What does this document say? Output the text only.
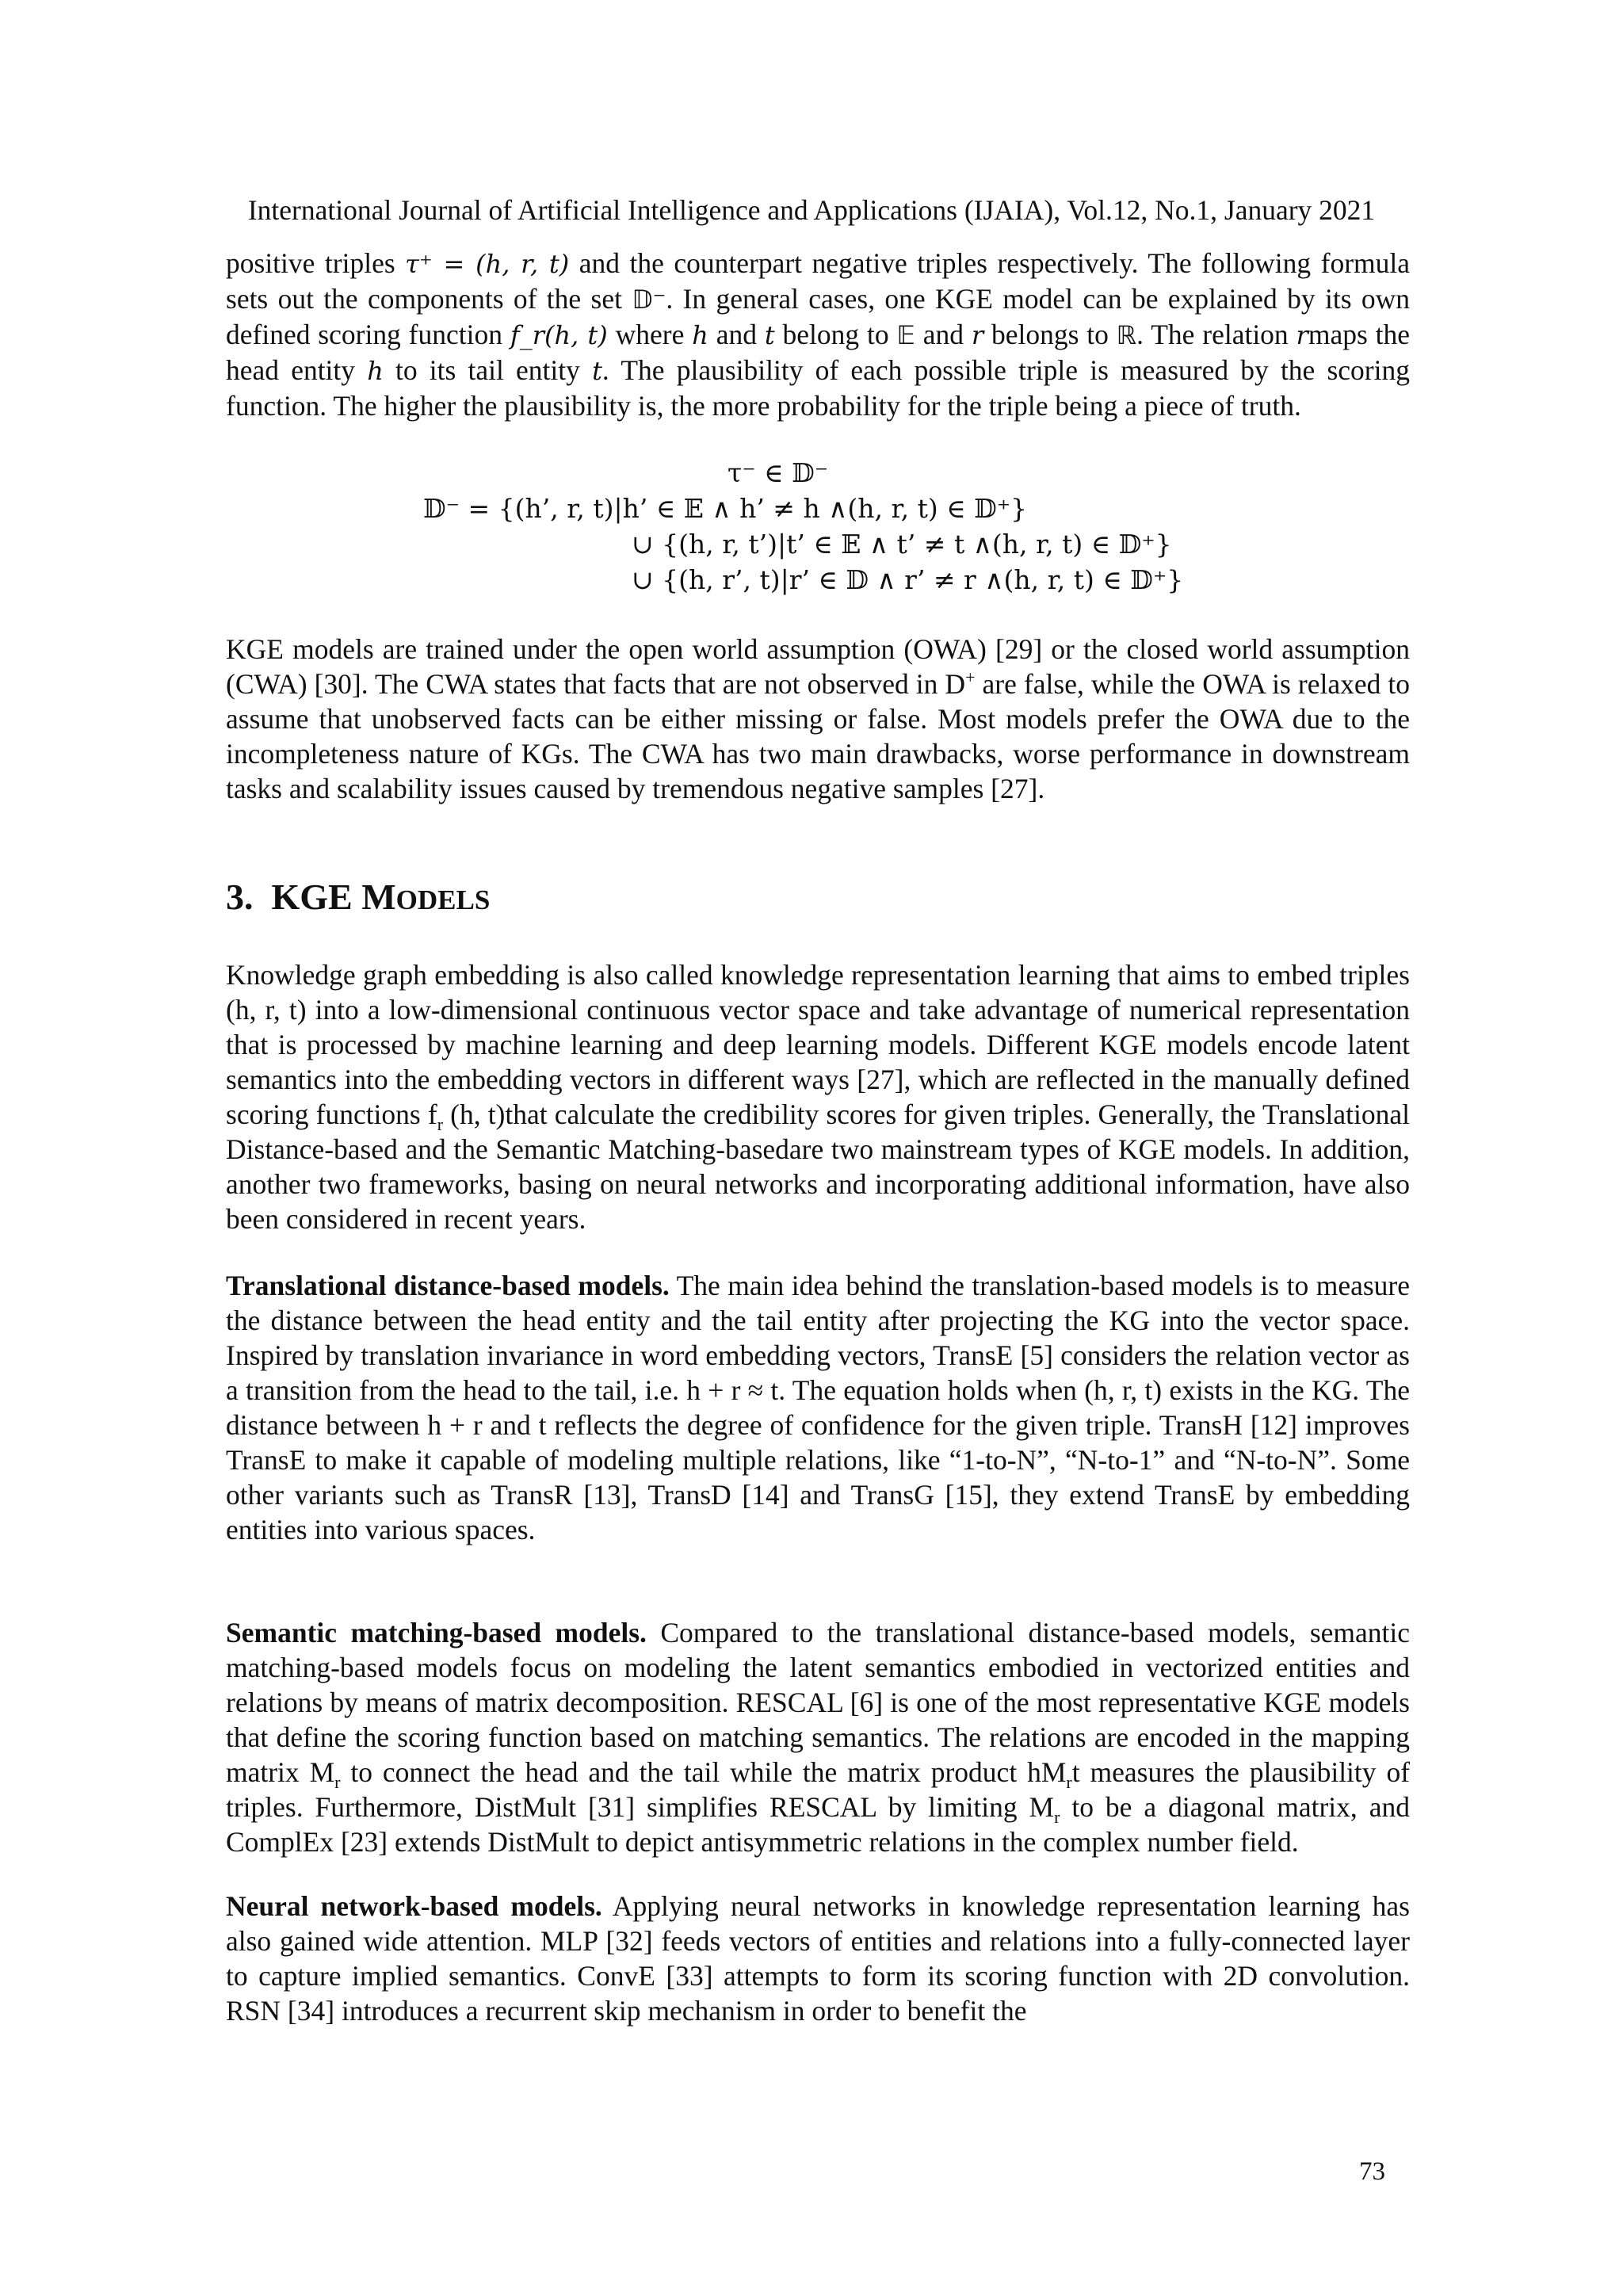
International Journal of Artificial Intelligence and Applications (IJAIA), Vol.12, No.1, January 2021

positive triples τ⁺ = (h, r, t) and the counterpart negative triples respectively. The following formula sets out the components of the set 𝔻⁻. In general cases, one KGE model can be explained by its own defined scoring function f_r(h, t) where h and t belong to 𝔼 and r belongs to ℝ. The relation rmaps the head entity h to its tail entity t. The plausibility of each possible triple is measured by the scoring function. The higher the plausibility is, the more probability for the triple being a piece of truth.

τ⁻ ∈ 𝔻⁻
𝔻⁻ = {(h’, r, t)|h’ ∈ 𝔼 ∧ h’ ≠ h ∧(h, r, t) ∈ 𝔻⁺}
∪ {(h, r, t’)|t’ ∈ 𝔼 ∧ t’ ≠ t ∧(h, r, t) ∈ 𝔻⁺}
∪ {(h, r’, t)|r’ ∈ 𝔻 ∧ r’ ≠ r ∧(h, r, t) ∈ 𝔻⁺}

KGE models are trained under the open world assumption (OWA) [29] or the closed world assumption (CWA) [30]. The CWA states that facts that are not observed in D+ are false, while the OWA is relaxed to assume that unobserved facts can be either missing or false. Most models prefer the OWA due to the incompleteness nature of KGs. The CWA has two main drawbacks, worse performance in downstream tasks and scalability issues caused by tremendous negative samples [27].

3. KGE MODELS

Knowledge graph embedding is also called knowledge representation learning that aims to embed triples (h, r, t) into a low-dimensional continuous vector space and take advantage of numerical representation that is processed by machine learning and deep learning models. Different KGE models encode latent semantics into the embedding vectors in different ways [27], which are reflected in the manually defined scoring functions $f_r$ (h, t)that calculate the credibility scores for given triples. Generally, the Translational Distance-based and the Semantic Matching-basedare two mainstream types of KGE models. In addition, another two frameworks, basing on neural networks and incorporating additional information, have also been considered in recent years.

Translational distance-based models. The main idea behind the translation-based models is to measure the distance between the head entity and the tail entity after projecting the KG into the vector space. Inspired by translation invariance in word embedding vectors, TransE [5] considers the relation vector as a transition from the head to the tail, i.e. h + r ≈ t. The equation holds when (h, r, t) exists in the KG. The distance between h + r and t reflects the degree of confidence for the given triple. TransH [12] improves TransE to make it capable of modeling multiple relations, like “1-to-N”, “N-to-1” and “N-to-N”. Some other variants such as TransR [13], TransD [14] and TransG [15], they extend TransE by embedding entities into various spaces.

Semantic matching-based models. Compared to the translational distance-based models, semantic matching-based models focus on modeling the latent semantics embodied in vectorized entities and relations by means of matrix decomposition. RESCAL [6] is one of the most representative KGE models that define the scoring function based on matching semantics. The relations are encoded in the mapping matrix $M_r$ to connect the head and the tail while the matrix product $hM_rt$ measures the plausibility of triples. Furthermore, DistMult [31] simplifies RESCAL by limiting $M_r$ to be a diagonal matrix, and ComplEx [23] extends DistMult to depict antisymmetric relations in the complex number field.

Neural network-based models. Applying neural networks in knowledge representation learning has also gained wide attention. MLP [32] feeds vectors of entities and relations into a fully-connected layer to capture implied semantics. ConvE [33] attempts to form its scoring function with 2D convolution. RSN [34] introduces a recurrent skip mechanism in order to benefit the

73
